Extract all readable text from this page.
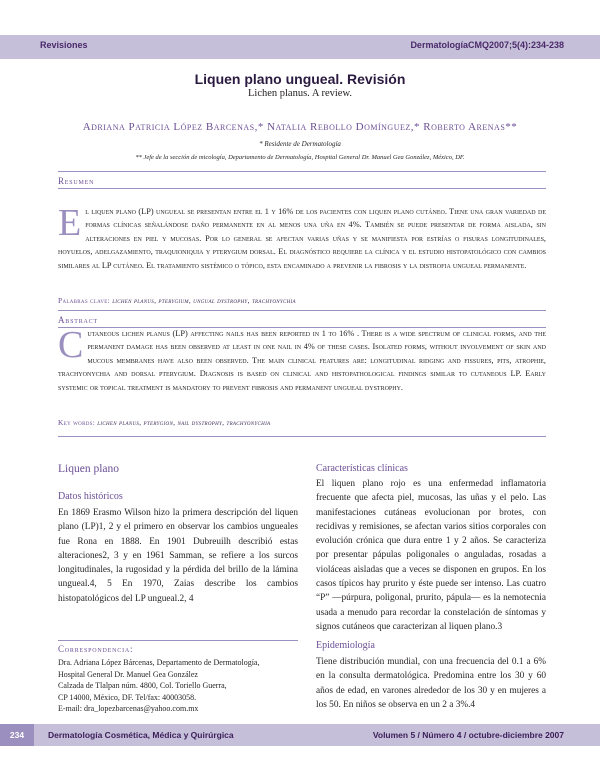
Revisiones	DermatologíaCMQ2007;5(4):234-238
Liquen plano ungueal. Revisión
Lichen planus. A review.
Adriana Patricia López Barcenas,* Natalia Rebollo Domínguez,* Roberto Arenas**
* Residente de Dermatología
** Jefe de la sección de micología, Departamento de Dermatología, Hospital General Dr. Manuel Gea González, México, DF.
Resumen
El liquen plano (LP) ungueal se presentan entre el 1 y 16% de los pacientes con liquen plano cutáneo. Tiene una gran variedad de formas clínicas señalándose daño permanente en al menos una uña en 4%. También se puede presentar de forma aislada, sin alteraciones en piel y mucosas. Por lo general se afectan varias uñas y se manifiesta por estrías o fisuras longitudinales, hoyuelos, adelgazamiento, traquioniquia y pterygium dorsal. El diagnóstico requiere la clínica y el estudio histopatológico con cambios similares al LP cutáneo. El tratamiento sistémico o tópico, esta encaminado a prevenir la fibrosis y la distrofia ungueal permanente.
Palabras clave: lichen planus, pterygium, ungual dystrophy, trachyonychia
Abstract
Cutaneous lichen planus (LP) affecting nails has been reported in 1 to 16% . There is a wide spectrum of clinical forms, and the permanent damage has been observed at least in one nail in 4% of these cases. Isolated forms, without involvement of skin and mucous membranes have also been observed. The main clinical features are: longitudinal ridging and fissures, pits, atrophie, trachyonychia and dorsal pterygium. Diagnosis is based on clinical and histopathological findings similar to cutaneous LP. Early systemic or topical treatment is mandatory to prevent fibrosis and permanent ungueal dystrophy.
Key words: lichen planus, pterygion, nail dystrophy, trachyonychia
Liquen plano
Datos históricos
En 1869 Erasmo Wilson hizo la primera descripción del liquen plano (LP)1, 2 y el primero en observar los cambios ungueales fue Rona en 1888. En 1901 Dubreuilh describió estas alteraciones2, 3 y en 1961 Samman, se refiere a los surcos longitudinales, la rugosidad y la pérdida del brillo de la lámina ungueal.4, 5 En 1970, Zaias describe los cambios histopatológicos del LP ungueal.2, 4
Correspondencia:
Dra. Adriana López Bárcenas, Departamento de Dermatología,
Hospital General Dr. Manuel Gea González
Calzada de Tlalpan núm. 4800, Col. Toriello Guerra,
CP 14000, México, DF. Tel/fax: 40003058.
E-mail: dra_lopezbarcenas@yahoo.com.mx
Características clínicas
El liquen plano rojo es una enfermedad inflamatoria frecuente que afecta piel, mucosas, las uñas y el pelo. Las manifestaciones cutáneas evolucionan por brotes, con recidivas y remisiones, se afectan varios sitios corporales con evolución crónica que dura entre 1 y 2 años. Se caracteriza por presentar pápulas poligonales o anguladas, rosadas a violáceas aisladas que a veces se disponen en grupos. En los casos típicos hay prurito y éste puede ser intenso. Las cuatro “P” —púrpura, poligonal, prurito, pápula— es la nemotecnia usada a menudo para recordar la constelación de síntomas y signos cutáneos que caracterizan al liquen plano.3
Epidemiología
Tiene distribución mundial, con una frecuencia del 0.1 a 6% en la consulta dermatológica. Predomina entre los 30 y 60 años de edad, en varones alrededor de los 30 y en mujeres a los 50. En niños se observa en un 2 a 3%.4
234	Dermatología Cosmética, Médica y Quirúrgica	Volumen 5 / Número 4 / octubre-diciembre 2007
